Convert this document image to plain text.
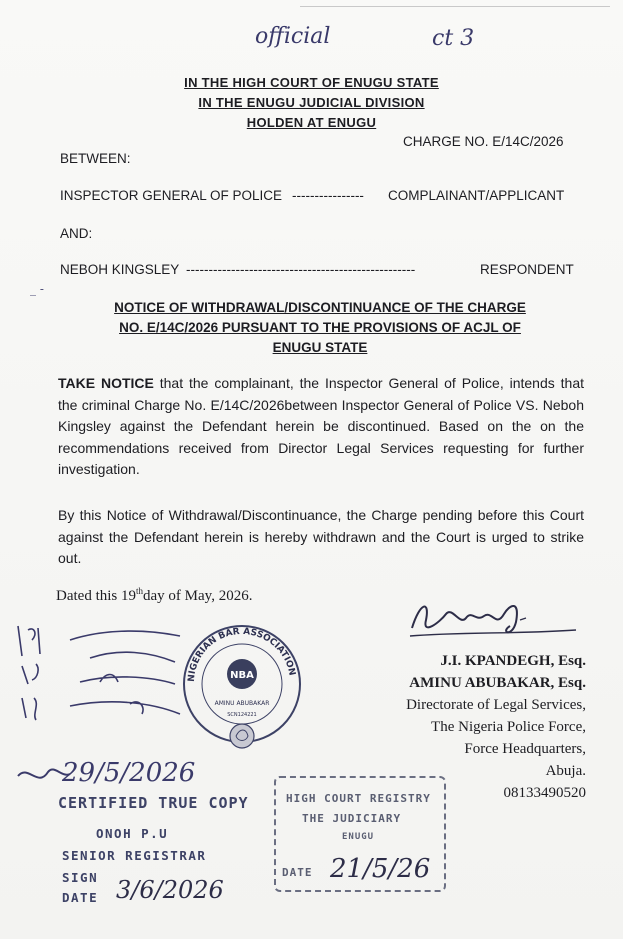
official	ct 3
IN THE HIGH COURT OF ENUGU STATE
IN THE ENUGU JUDICIAL DIVISION
HOLDEN AT ENUGU
CHARGE NO. E/14C/2026
BETWEEN:
INSPECTOR GENERAL OF POLICE ---------------- COMPLAINANT/APPLICANT
AND:
NEBOH KINGSLEY ---------------------------------------------------	RESPONDENT
_ -
NOTICE OF WITHDRAWAL/DISCONTINUANCE OF THE CHARGE
NO. E/14C/2026 PURSUANT TO THE PROVISIONS OF ACJL OF
ENUGU STATE
TAKE NOTICE that the complainant, the Inspector General of Police, intends that the criminal Charge No. E/14C/2026between Inspector General of Police VS. Neboh Kingsley against the Defendant herein be discontinued. Based on the on the recommendations received from Director Legal Services requesting for further investigation.
By this Notice of Withdrawal/Discontinuance, the Charge pending before this Court against the Defendant herein is hereby withdrawn and the Court is urged to strike out.
Dated this 19thday of May, 2026.
J.I. KPANDEGH, Esq.
AMINU ABUBAKAR, Esq.
Directorate of Legal Services,
The Nigeria Police Force,
Force Headquarters,
Abuja.
08133490520
NIGERIAN BAR ASSOCIATION
NBA
AMINU ABUBAKAR
SCN124221
29/5/2026
CERTIFIED TRUE COPY
ONOH P.U
SENIOR REGISTRAR
SIGN
DATE 3/6/2026
HIGH COURT REGISTRY
THE JUDICIARY
ENUGU
DATE 21/5/26
